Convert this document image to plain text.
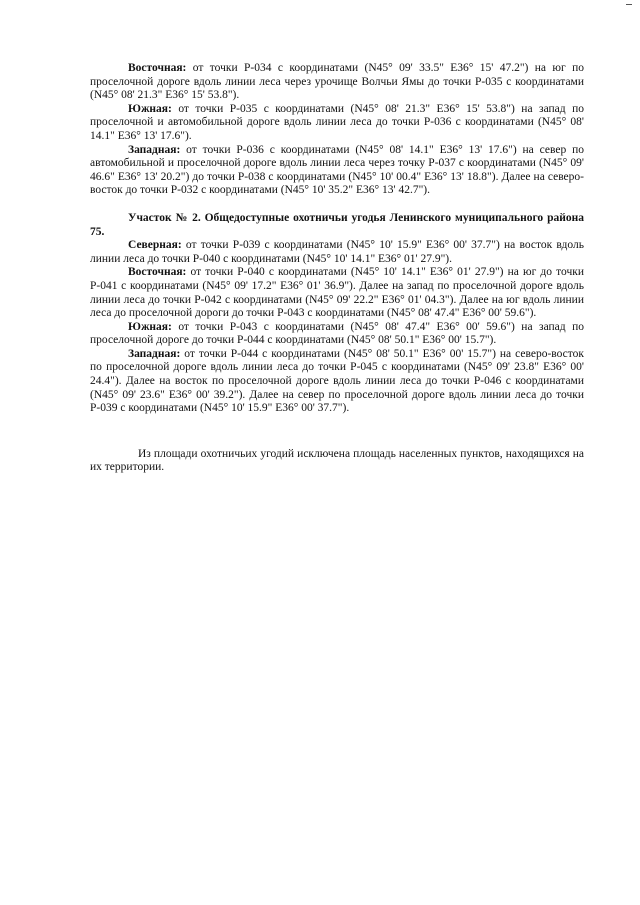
Восточная: от точки Р-034 с координатами (N45° 09' 33.5" E36° 15' 47.2") на юг по проселочной дороге вдоль линии леса через урочище Волчьи Ямы до точки Р-035 с координатами (N45° 08' 21.3" E36° 15' 53.8").

Южная: от точки Р-035 с координатами (N45° 08' 21.3" E36° 15' 53.8") на запад по проселочной и автомобильной дороге вдоль линии леса до точки Р-036 с координатами (N45° 08' 14.1" E36° 13' 17.6").

Западная: от точки Р-036 с координатами (N45° 08' 14.1" E36° 13' 17.6") на север по автомобильной и проселочной дороге вдоль линии леса через точку Р-037 с координатами (N45° 09' 46.6" E36° 13' 20.2") до точки Р-038 с координатами (N45° 10' 00.4" E36° 13' 18.8"). Далее на северо-восток до точки Р-032 с координатами (N45° 10' 35.2" E36° 13' 42.7").

Участок № 2. Общедоступные охотничьи угодья Ленинского муниципального района 75.

Северная: от точки Р-039 с координатами (N45° 10' 15.9" E36° 00' 37.7") на восток вдоль линии леса до точки Р-040 с координатами (N45° 10' 14.1" E36° 01' 27.9").

Восточная: от точки Р-040 с координатами (N45° 10' 14.1" E36° 01' 27.9") на юг до точки Р-041 с координатами (N45° 09' 17.2" E36° 01' 36.9"). Далее на запад по проселочной дороге вдоль линии леса до точки Р-042 с координатами (N45° 09' 22.2" E36° 01' 04.3"). Далее на юг вдоль линии леса до проселочной дороги до точки Р-043 с координатами (N45° 08' 47.4" E36° 00' 59.6").

Южная: от точки Р-043 с координатами (N45° 08' 47.4" E36° 00' 59.6") на запад по проселочной дороге до точки Р-044 с координатами (N45° 08' 50.1" E36° 00' 15.7").

Западная: от точки Р-044 с координатами (N45° 08' 50.1" E36° 00' 15.7") на северо-восток по проселочной дороге вдоль линии леса до точки Р-045 с координатами (N45° 09' 23.8" E36° 00' 24.4"). Далее на восток по проселочной дороге вдоль линии леса до точки Р-046 с координатами (N45° 09' 23.6" E36° 00' 39.2"). Далее на север по проселочной дороге вдоль линии леса до точки Р-039 с координатами (N45° 10' 15.9" E36° 00' 37.7").

Из площади охотничьих угодий исключена площадь населенных пунктов, находящихся на их территории.
